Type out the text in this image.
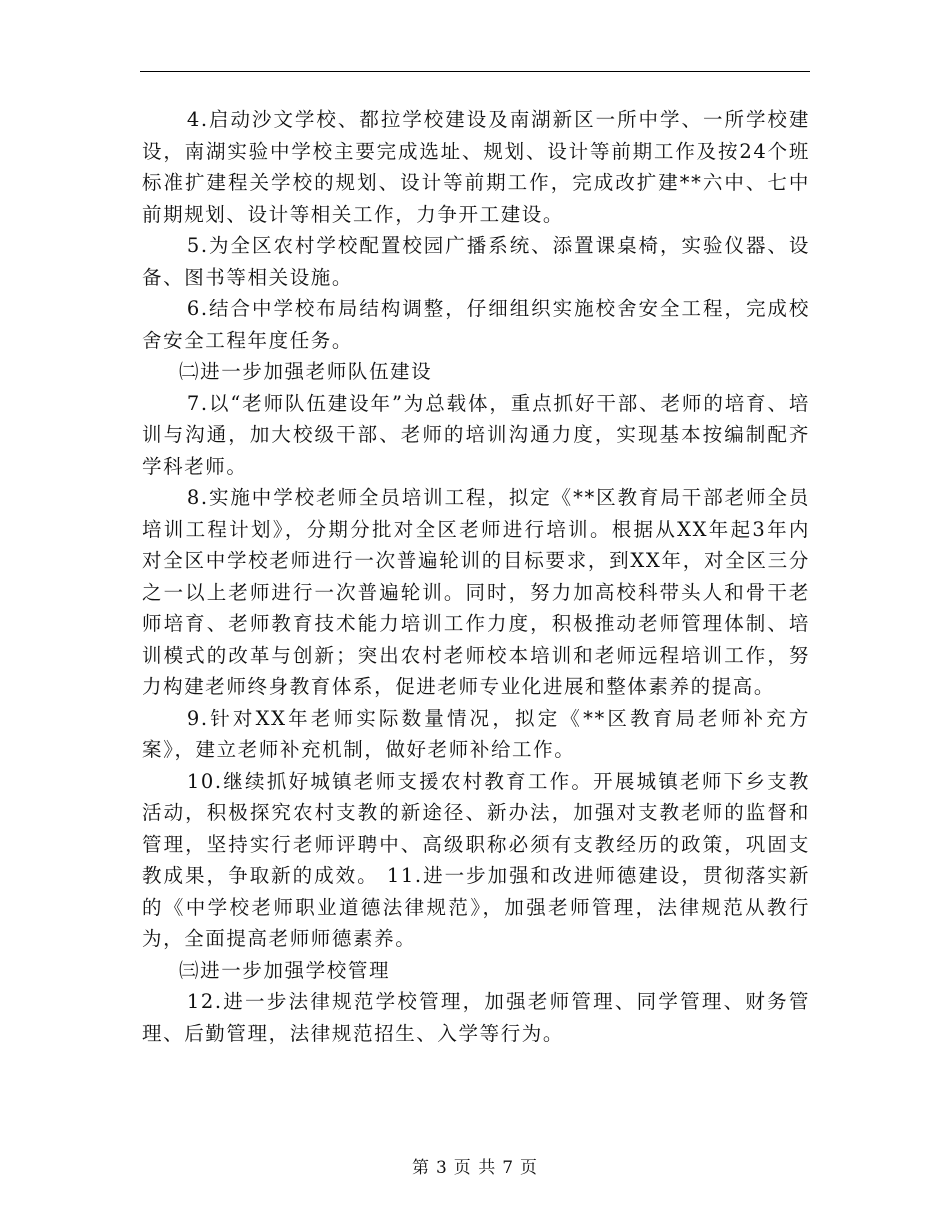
4.启动沙文学校、都拉学校建设及南湖新区一所中学、一所学校建设，南湖实验中学校主要完成选址、规划、设计等前期工作及按24个班标准扩建程关学校的规划、设计等前期工作，完成改扩建**六中、七中前期规划、设计等相关工作，力争开工建设。

5.为全区农村学校配置校园广播系统、添置课桌椅，实验仪器、设备、图书等相关设施。

6.结合中学校布局结构调整，仔细组织实施校舍安全工程，完成校舍安全工程年度任务。

㈡进一步加强老师队伍建设

7.以“老师队伍建设年”为总载体，重点抓好干部、老师的培育、培训与沟通，加大校级干部、老师的培训沟通力度，实现基本按编制配齐学科老师。

8.实施中学校老师全员培训工程，拟定《**区教育局干部老师全员培训工程计划》，分期分批对全区老师进行培训。根据从XX年起3年内对全区中学校老师进行一次普遍轮训的目标要求，到XX年，对全区三分之一以上老师进行一次普遍轮训。同时，努力加高校科带头人和骨干老师培育、老师教育技术能力培训工作力度，积极推动老师管理体制、培训模式的改革与创新；突出农村老师校本培训和老师远程培训工作，努力构建老师终身教育体系，促进老师专业化进展和整体素养的提高。

9.针对XX年老师实际数量情况，拟定《**区教育局老师补充方案》，建立老师补充机制，做好老师补给工作。

10.继续抓好城镇老师支援农村教育工作。开展城镇老师下乡支教活动，积极探究农村支教的新途径、新办法，加强对支教老师的监督和管理，坚持实行老师评聘中、高级职称必须有支教经历的政策，巩固支教成果，争取新的成效。 11.进一步加强和改进师德建设，贯彻落实新的《中学校老师职业道德法律规范》，加强老师管理，法律规范从教行为，全面提高老师师德素养。

㈢进一步加强学校管理

12.进一步法律规范学校管理，加强老师管理、同学管理、财务管理、后勤管理，法律规范招生、入学等行为。

第 3 页 共 7 页
